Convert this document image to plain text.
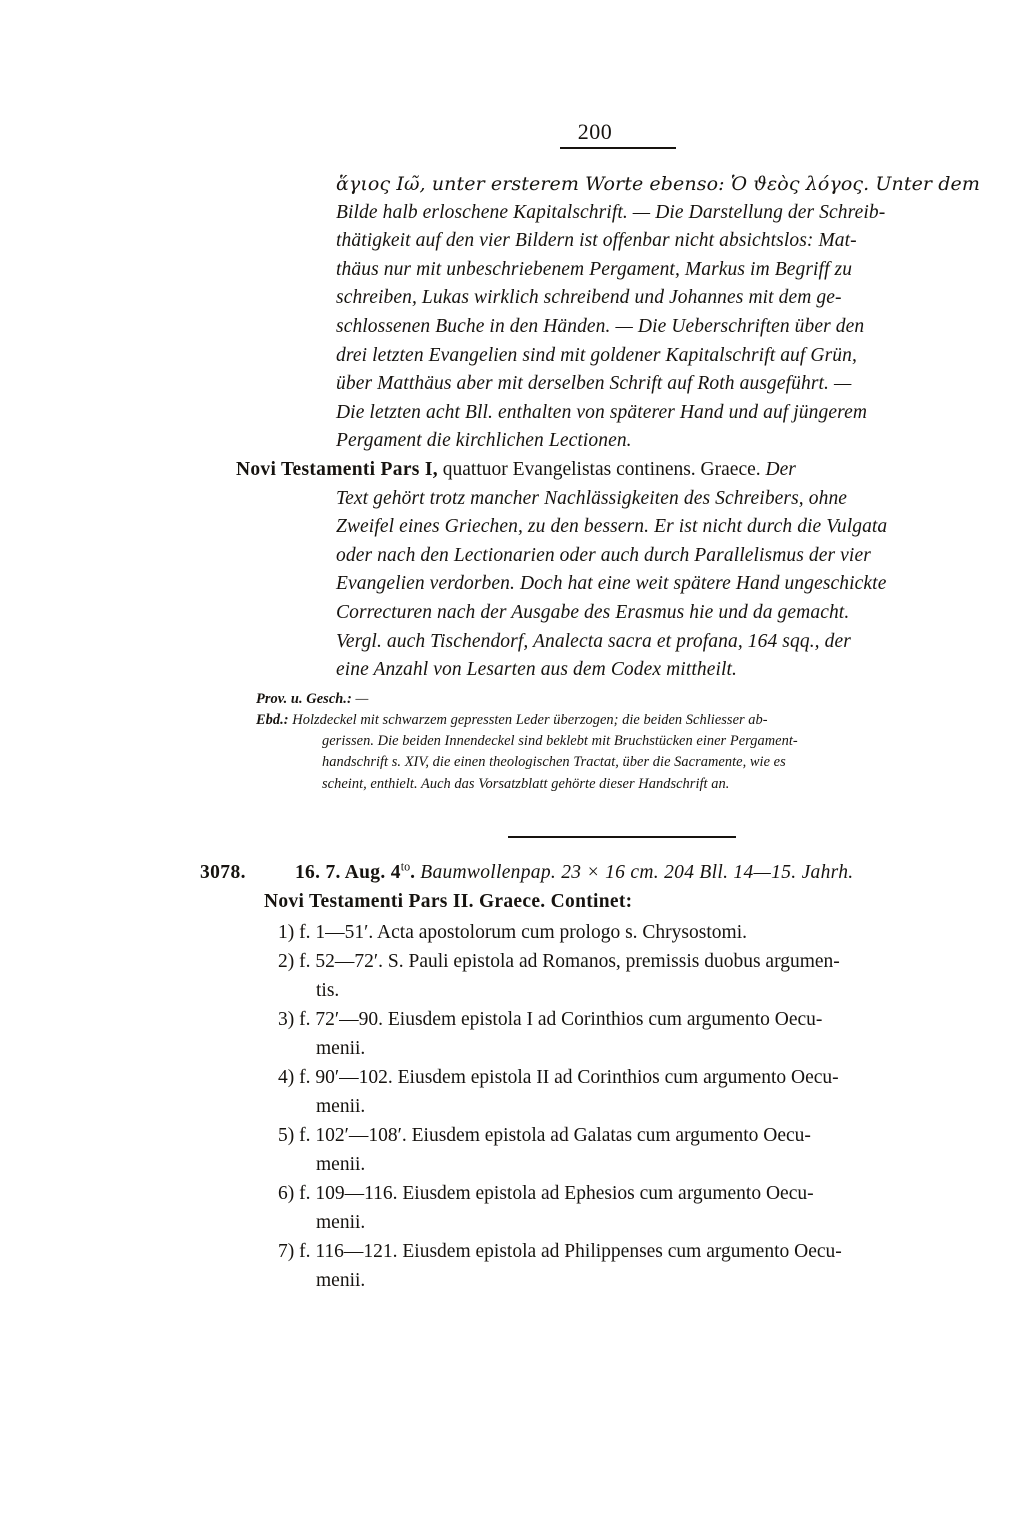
200
ἅγιος Ιω̃, unter ersterem Worte ebenso: Ὁ ϑεὸς λόγος. Unter dem
Bilde halb erloschene Kapitalschrift. — Die Darstellung der Schreib-
thätigkeit auf den vier Bildern ist offenbar nicht absichtslos: Mat-
thäus nur mit unbeschriebenem Pergament, Markus im Begriff zu
schreiben, Lukas wirklich schreibend und Johannes mit dem ge-
schlossenen Buche in den Händen. — Die Ueberschriften über den
drei letzten Evangelien sind mit goldener Kapitalschrift auf Grün,
über Matthäus aber mit derselben Schrift auf Roth ausgeführt. —
Die letzten acht Bll. enthalten von späterer Hand und auf jüngerem
Pergament die kirchlichen Lectionen.
Novi Testamenti Pars I, quattuor Evangelistas continens. Graece. Der
Text gehört trotz mancher Nachlässigkeiten des Schreibers, ohne
Zweifel eines Griechen, zu den bessern. Er ist nicht durch die Vulgata
oder nach den Lectionarien oder auch durch Parallelismus der vier
Evangelien verdorben. Doch hat eine weit spätere Hand ungeschickte
Correcturen nach der Ausgabe des Erasmus hie und da gemacht.
Vergl. auch Tischendorf, Analecta sacra et profana, 164 sqq., der
eine Anzahl von Lesarten aus dem Codex mittheilt.
Prov. u. Gesch.: —
Ebd.: Holzdeckel mit schwarzem gepressten Leder überzogen; die beiden Schliesser ab-
gerissen. Die beiden Innendeckel sind beklebt mit Bruchstücken einer Pergament-
handschrift s. XIV, die einen theologischen Tractat, über die Sacramente, wie es
scheint, enthielt. Auch das Vorsatzblatt gehörte dieser Handschrift an.
3078.	16. 7. Aug. $4^{to}$. Baumwollenpap. 23 × 16 cm. 204 Bll. 14—15. Jahrh.
Novi Testamenti Pars II. Graece. Continet:
1) f. 1—51′. Acta apostolorum cum prologo s. Chrysostomi.
2) f. 52—72′. S. Pauli epistola ad Romanos, premissis duobus argumen-
tis.
3) f. 72′—90. Eiusdem epistola I ad Corinthios cum argumento Oecu-
menii.
4) f. 90′—102. Eiusdem epistola II ad Corinthios cum argumento Oecu-
menii.
5) f. 102′—108′. Eiusdem epistola ad Galatas cum argumento Oecu-
menii.
6) f. 109—116. Eiusdem epistola ad Ephesios cum argumento Oecu-
menii.
7) f. 116—121. Eiusdem epistola ad Philippenses cum argumento Oecu-
menii.
